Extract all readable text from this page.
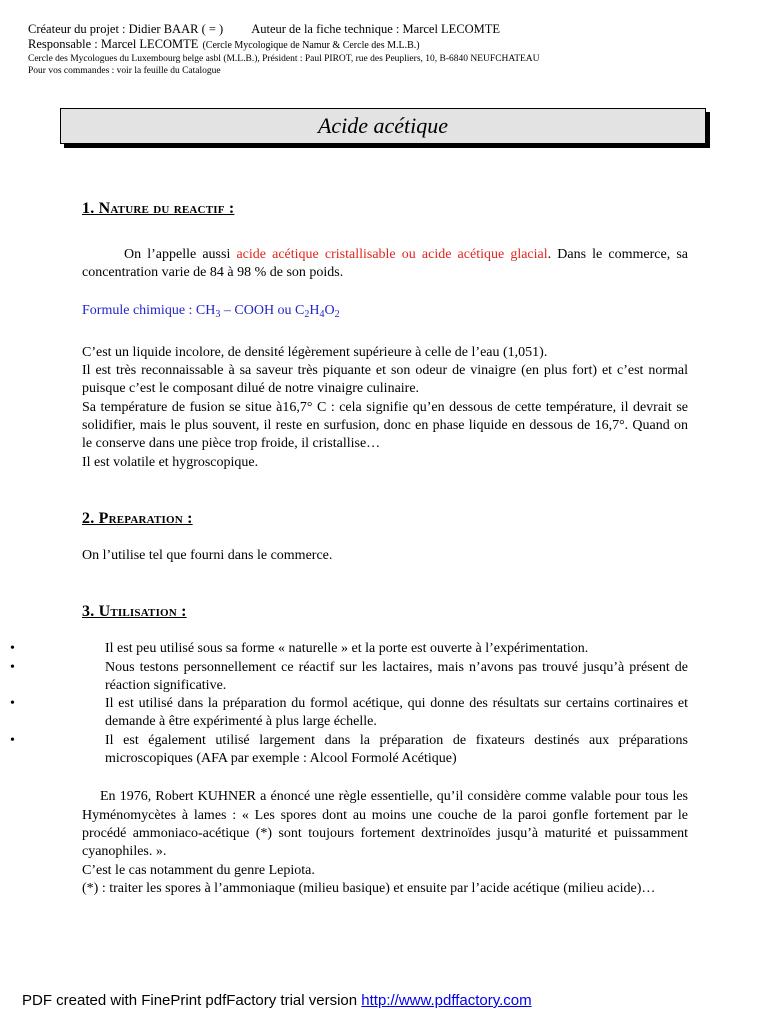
Créateur du projet : Didier BAAR ( = ) Auteur de la fiche technique : Marcel LECOMTE
Responsable : Marcel LECOMTE (Cercle Mycologique de Namur & Cercle des M.L.B.)
Cercle des Mycologues du Luxembourg belge asbl (M.L.B.), Président : Paul PIROT, rue des Peupliers, 10, B-6840 NEUFCHATEAU
Pour vos commandes : voir la feuille du Catalogue
Acide acétique
1. Nature du reactif :

On l’appelle aussi acide acétique cristallisable ou acide acétique glacial. Dans le commerce, sa concentration varie de 84 à 98 % de son poids.

Formule chimique : $CH_3$ – COOH ou $C_2H_4O_2$

C’est un liquide incolore, de densité légèrement supérieure à celle de l’eau (1,051).

Il est très reconnaissable à sa saveur très piquante et son odeur de vinaigre (en plus fort) et c’est normal puisque c’est le composant dilué de notre vinaigre culinaire.

Sa température de fusion se situe à16,7° C : cela signifie qu’en dessous de cette température, il devrait se solidifier, mais le plus souvent, il reste en surfusion, donc en phase liquide en dessous de 16,7°. Quand on le conserve dans une pièce trop froide, il cristallise…

Il est volatile et hygroscopique.

2. Preparation :

On l’utilise tel que fourni dans le commerce.

3. Utilisation :
•	Il est peu utilisé sous sa forme « naturelle » et la porte est ouverte à l’expérimentation.
•	Nous testons personnellement ce réactif sur les lactaires, mais n’avons pas trouvé jusqu’à présent de réaction significative.
•	Il est utilisé dans la préparation du formol acétique, qui donne des résultats sur certains cortinaires et demande à être expérimenté à plus large échelle.
•	Il est également utilisé largement dans la préparation de fixateurs destinés aux préparations microscopiques (AFA par exemple : Alcool Formolé Acétique)

En 1976, Robert KUHNER a énoncé une règle essentielle, qu’il considère comme valable pour tous les Hyménomycètes à lames : « Les spores dont au moins une couche de la paroi gonfle fortement par le procédé ammoniaco-acétique (*) sont toujours fortement dextrinoïdes jusqu’à maturité et puissamment cyanophiles. ».

C’est le cas notamment du genre Lepiota.

(*) : traiter les spores à l’ammoniaque (milieu basique) et ensuite par l’acide acétique (milieu acide)…

PDF created with FinePrint pdfFactory trial version http://www.pdffactory.com
